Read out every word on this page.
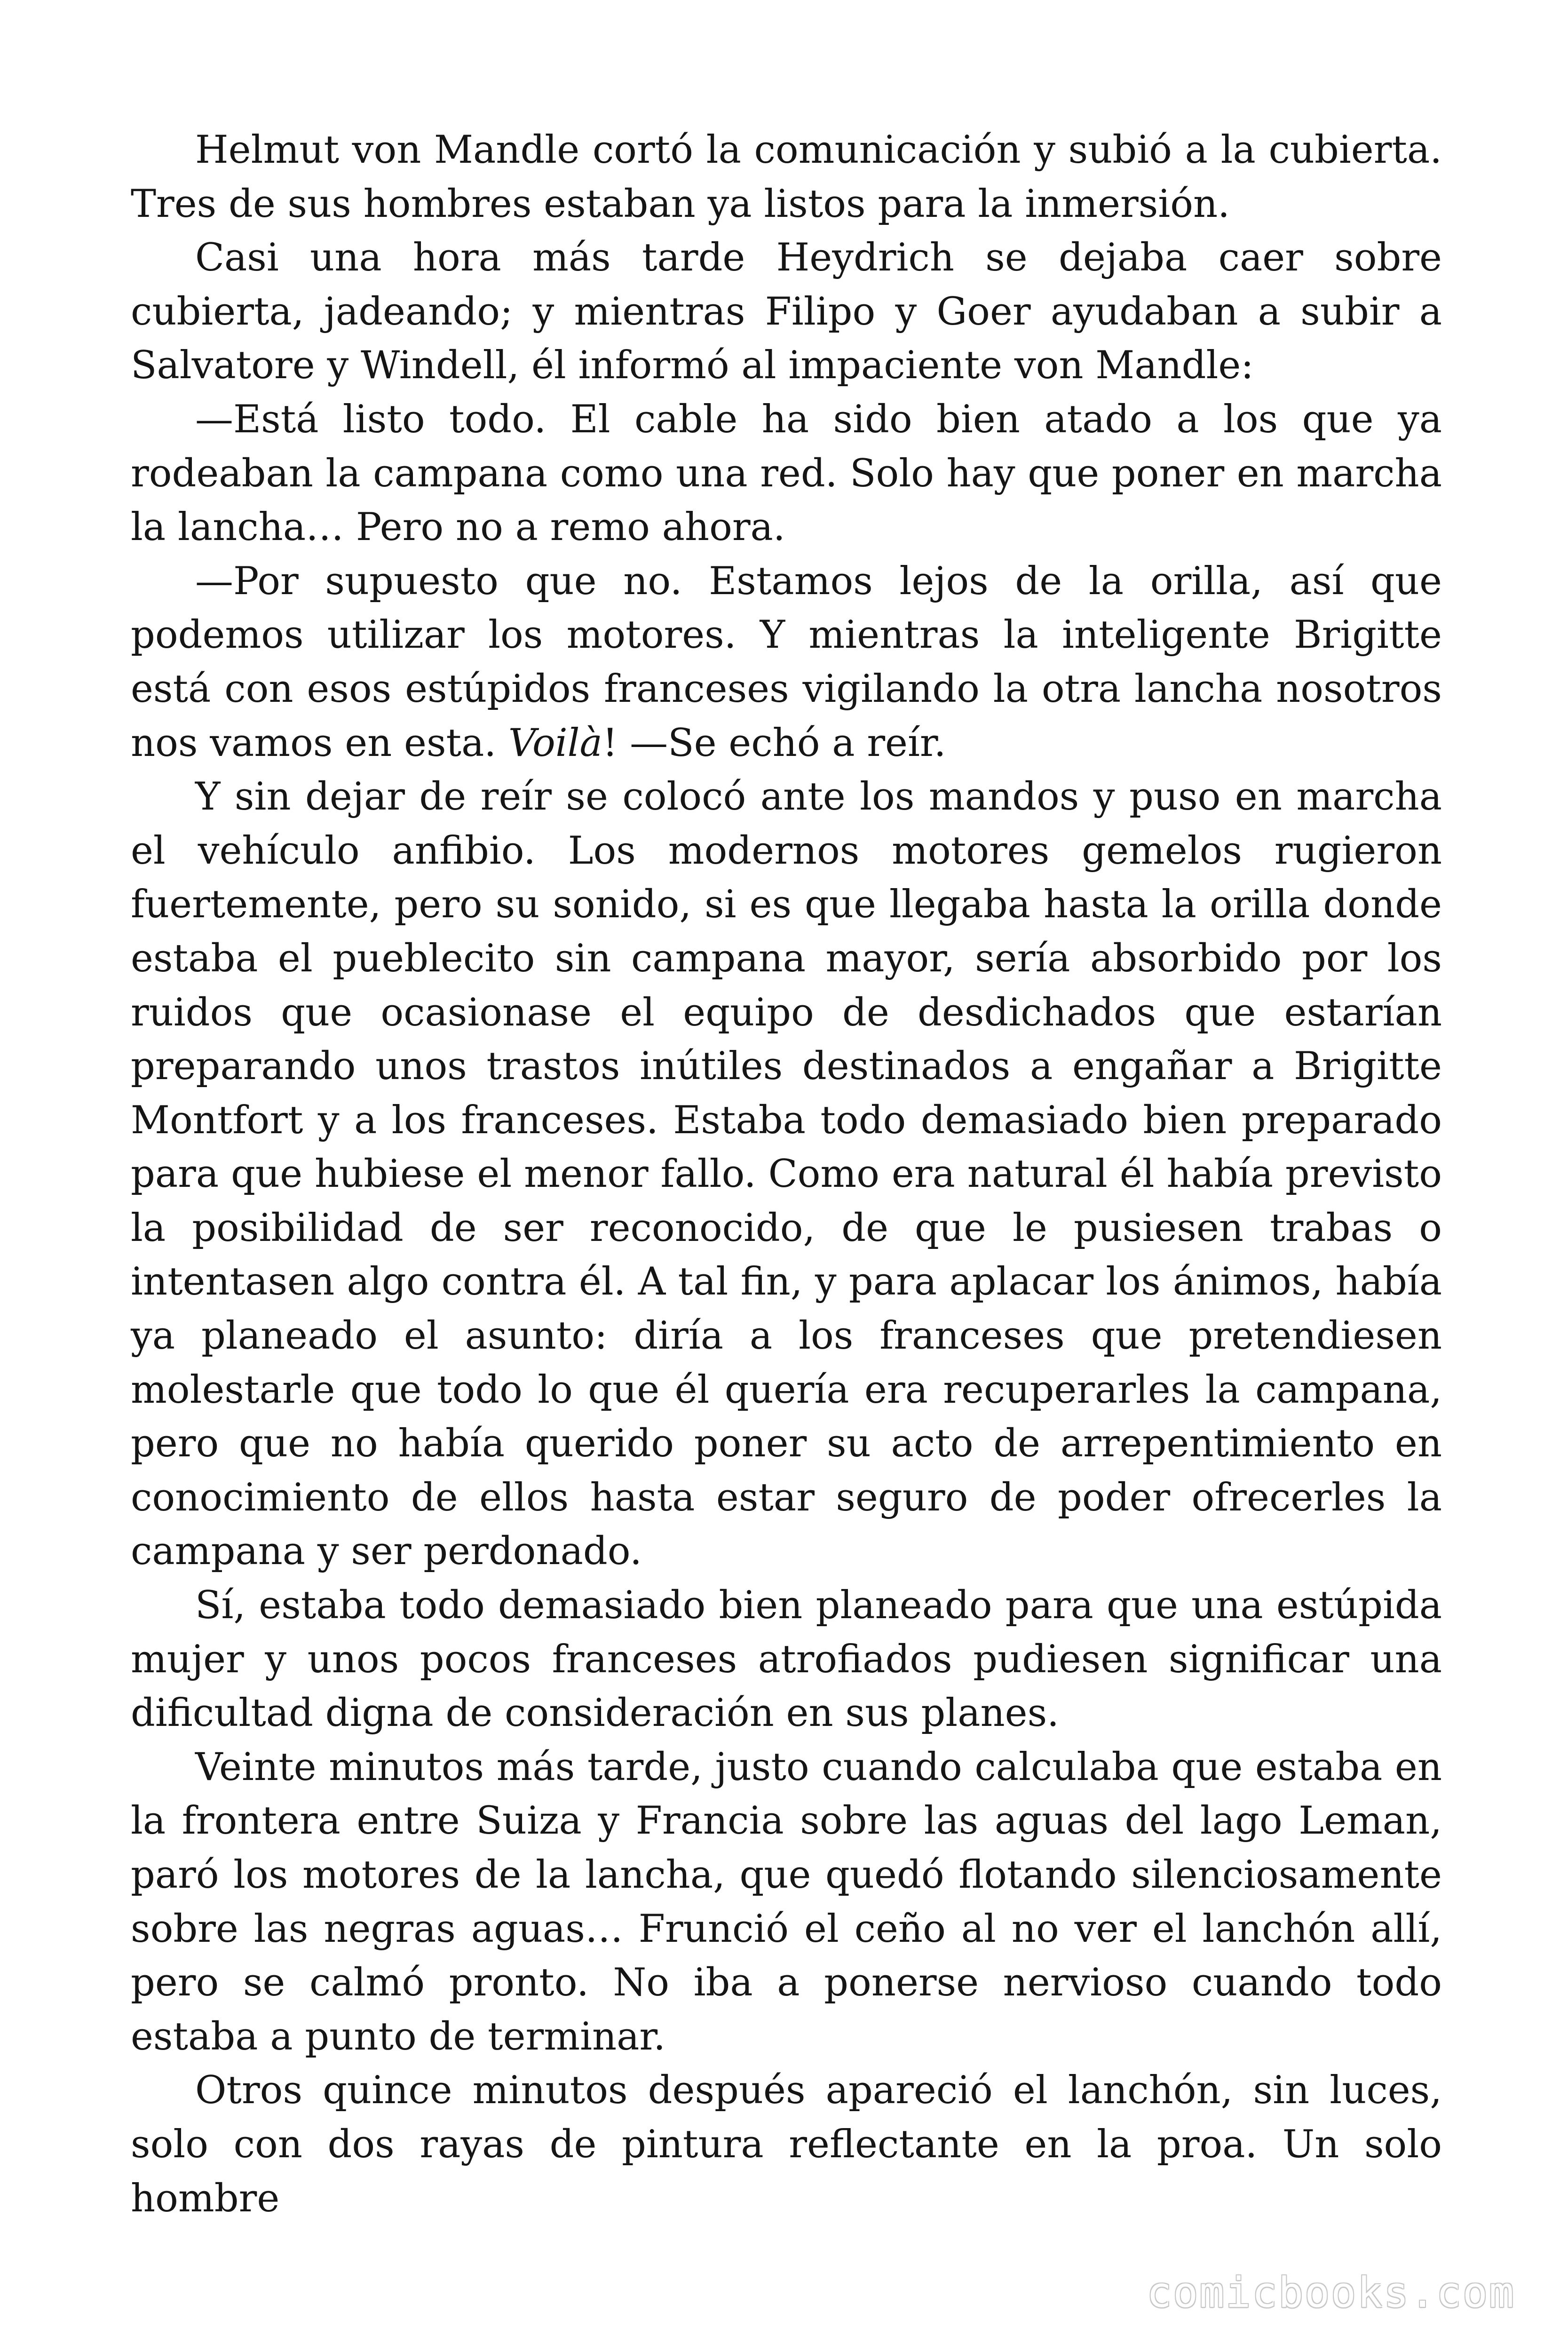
Helmut von Mandle cortó la comunicación y subió a la cubierta. Tres de sus hombres estaban ya listos para la inmersión.

Casi una hora más tarde Heydrich se dejaba caer sobre cubierta, jadeando; y mientras Filipo y Goer ayudaban a subir a Salvatore y Windell, él informó al impaciente von Mandle:

—Está listo todo. El cable ha sido bien atado a los que ya rodeaban la campana como una red. Solo hay que poner en marcha la lancha… Pero no a remo ahora.

—Por supuesto que no. Estamos lejos de la orilla, así que podemos utilizar los motores. Y mientras la inteligente Brigitte está con esos estúpidos franceses vigilando la otra lancha nosotros nos vamos en esta. Voilà! —Se echó a reír.

Y sin dejar de reír se colocó ante los mandos y puso en marcha el vehículo anfibio. Los modernos motores gemelos rugieron fuertemente, pero su sonido, si es que llegaba hasta la orilla donde estaba el pueblecito sin campana mayor, sería absorbido por los ruidos que ocasionase el equipo de desdichados que estarían preparando unos trastos inútiles destinados a engañar a Brigitte Montfort y a los franceses. Estaba todo demasiado bien preparado para que hubiese el menor fallo. Como era natural él había previsto la posibilidad de ser reconocido, de que le pusiesen trabas o intentasen algo contra él. A tal fin, y para aplacar los ánimos, había ya planeado el asunto: diría a los franceses que pretendiesen molestarle que todo lo que él quería era recuperarles la campana, pero que no había querido poner su acto de arrepentimiento en conocimiento de ellos hasta estar seguro de poder ofrecerles la campana y ser perdonado.

Sí, estaba todo demasiado bien planeado para que una estúpida mujer y unos pocos franceses atrofiados pudiesen significar una dificultad digna de consideración en sus planes.

Veinte minutos más tarde, justo cuando calculaba que estaba en la frontera entre Suiza y Francia sobre las aguas del lago Leman, paró los motores de la lancha, que quedó flotando silenciosamente sobre las negras aguas… Frunció el ceño al no ver el lanchón allí, pero se calmó pronto. No iba a ponerse nervioso cuando todo estaba a punto de terminar.

Otros quince minutos después apareció el lanchón, sin luces, solo con dos rayas de pintura reflectante en la proa. Un solo hombre

comicbooks.com
